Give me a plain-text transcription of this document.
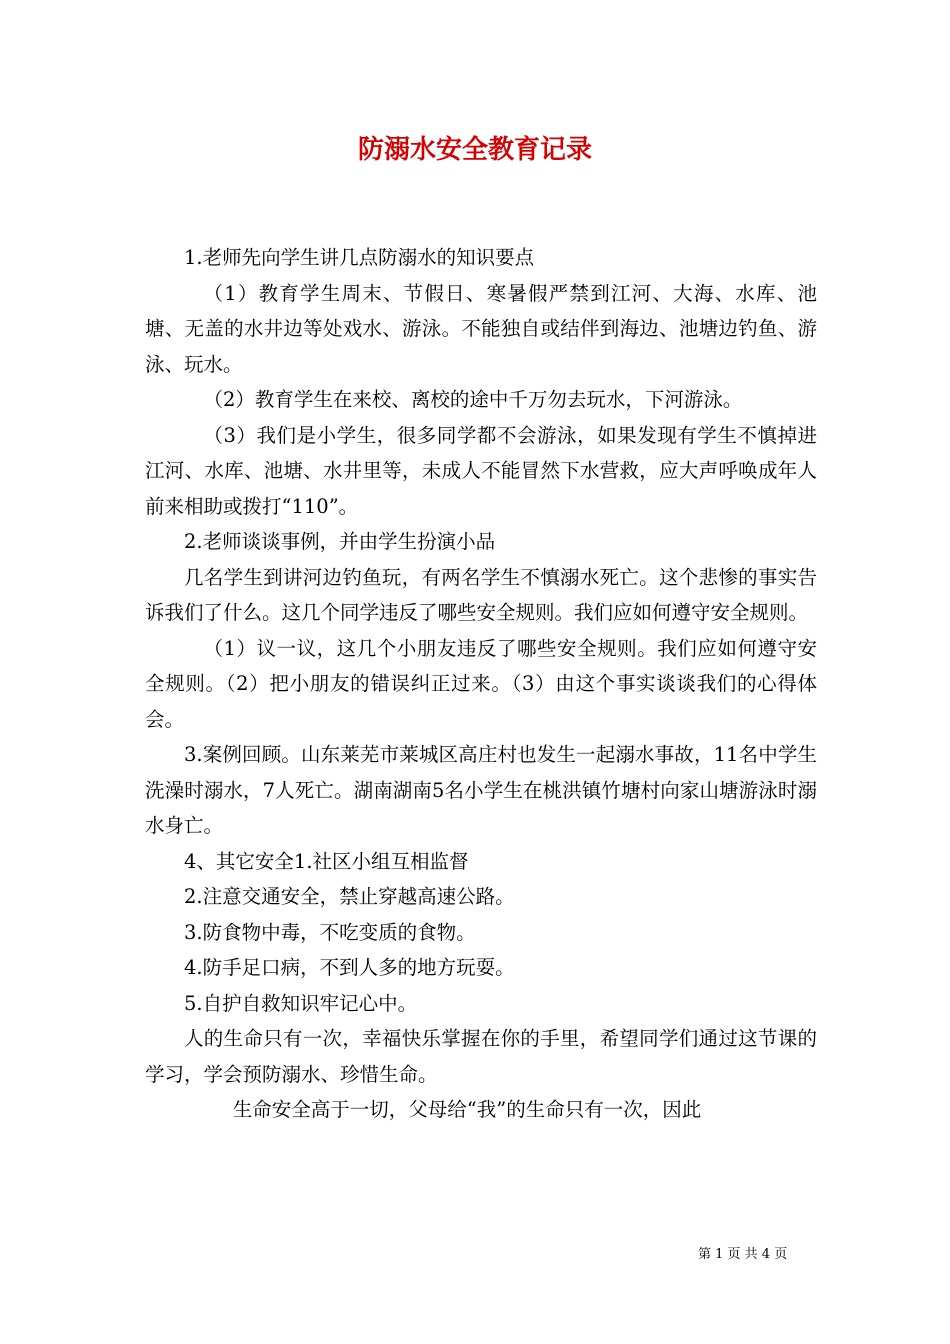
防溺水安全教育记录

1.老师先向学生讲几点防溺水的知识要点

（1）教育学生周末、节假日、寒暑假严禁到江河、大海、水库、池塘、无盖的水井边等处戏水、游泳。不能独自或结伴到海边、池塘边钓鱼、游泳、玩水。

（2）教育学生在来校、离校的途中千万勿去玩水，下河游泳。

（3）我们是小学生，很多同学都不会游泳，如果发现有学生不慎掉进江河、水库、池塘、水井里等，未成人不能冒然下水营救，应大声呼唤成年人前来相助或拨打“110”。

2.老师谈谈事例，并由学生扮演小品

几名学生到讲河边钓鱼玩，有两名学生不慎溺水死亡。这个悲惨的事实告诉我们了什么。这几个同学违反了哪些安全规则。我们应如何遵守安全规则。

（1）议一议，这几个小朋友违反了哪些安全规则。我们应如何遵守安全规则。（2）把小朋友的错误纠正过来。（3）由这个事实谈谈我们的心得体会。

3.案例回顾。山东莱芜市莱城区高庄村也发生一起溺水事故，11名中学生洗澡时溺水，7人死亡。湖南湖南5名小学生在桃洪镇竹塘村向家山塘游泳时溺水身亡。

4、其它安全1.社区小组互相监督

2.注意交通安全，禁止穿越高速公路。

3.防食物中毒，不吃变质的食物。

4.防手足口病，不到人多的地方玩耍。

5.自护自救知识牢记心中。

人的生命只有一次，幸福快乐掌握在你的手里，希望同学们通过这节课的学习，学会预防溺水、珍惜生命。

生命安全高于一切，父母给“我”的生命只有一次，因此

第 1 页 共 4 页
